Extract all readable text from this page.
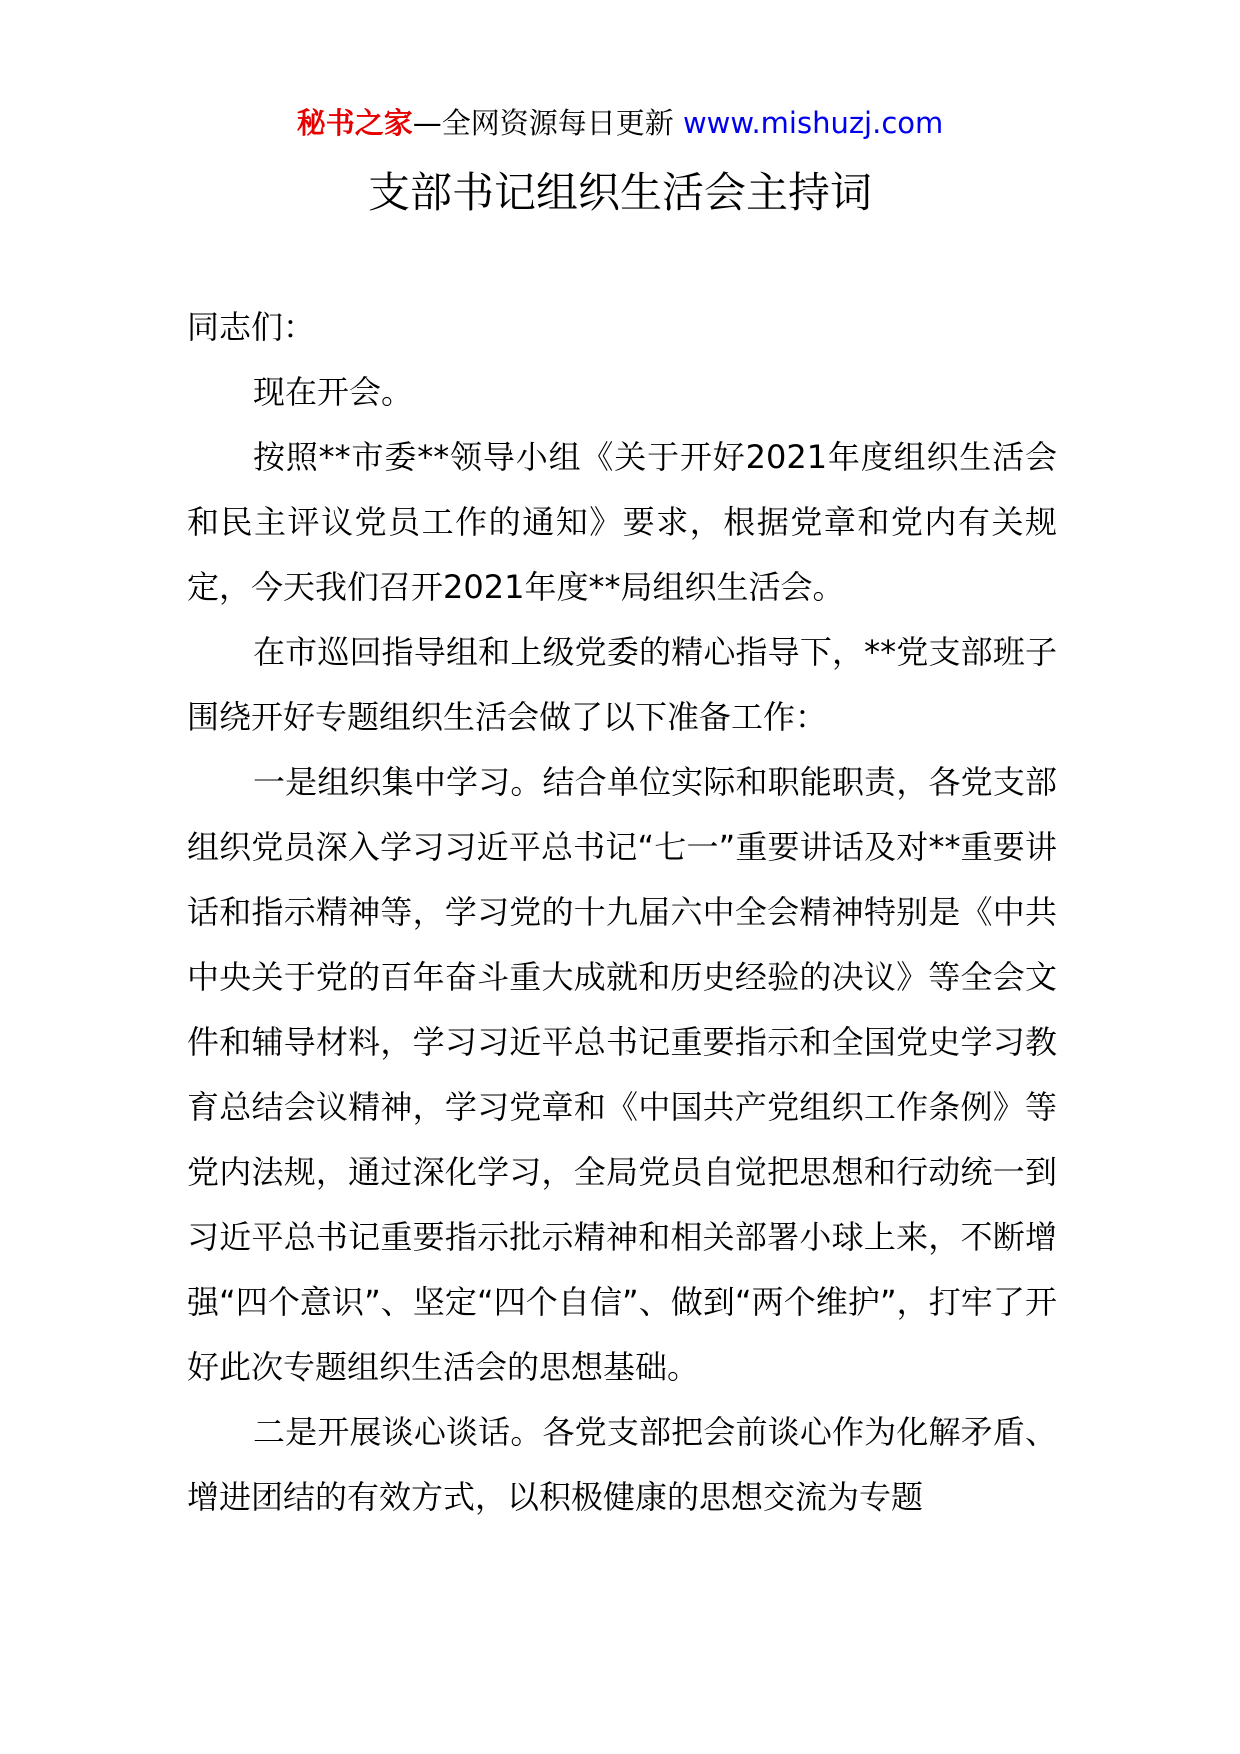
秘书之家—全网资源每日更新 www.mishuzj.com
支部书记组织生活会主持词

同志们：

现在开会。

按照**市委**领导小组《关于开好2021年度组织生活会和民主评议党员工作的通知》要求，根据党章和党内有关规定，今天我们召开2021年度**局组织生活会。

在市巡回指导组和上级党委的精心指导下，**党支部班子围绕开好专题组织生活会做了以下准备工作：

一是组织集中学习。结合单位实际和职能职责，各党支部组织党员深入学习习近平总书记“七一”重要讲话及对**重要讲话和指示精神等，学习党的十九届六中全会精神特别是《中共中央关于党的百年奋斗重大成就和历史经验的决议》等全会文件和辅导材料，学习习近平总书记重要指示和全国党史学习教育总结会议精神，学习党章和《中国共产党组织工作条例》等党内法规，通过深化学习，全局党员自觉把思想和行动统一到习近平总书记重要指示批示精神和相关部署小球上来，不断增强“四个意识”、坚定“四个自信”、做到“两个维护”，打牢了开好此次专题组织生活会的思想基础。

二是开展谈心谈话。各党支部把会前谈心作为化解矛盾、增进团结的有效方式，以积极健康的思想交流为专题
